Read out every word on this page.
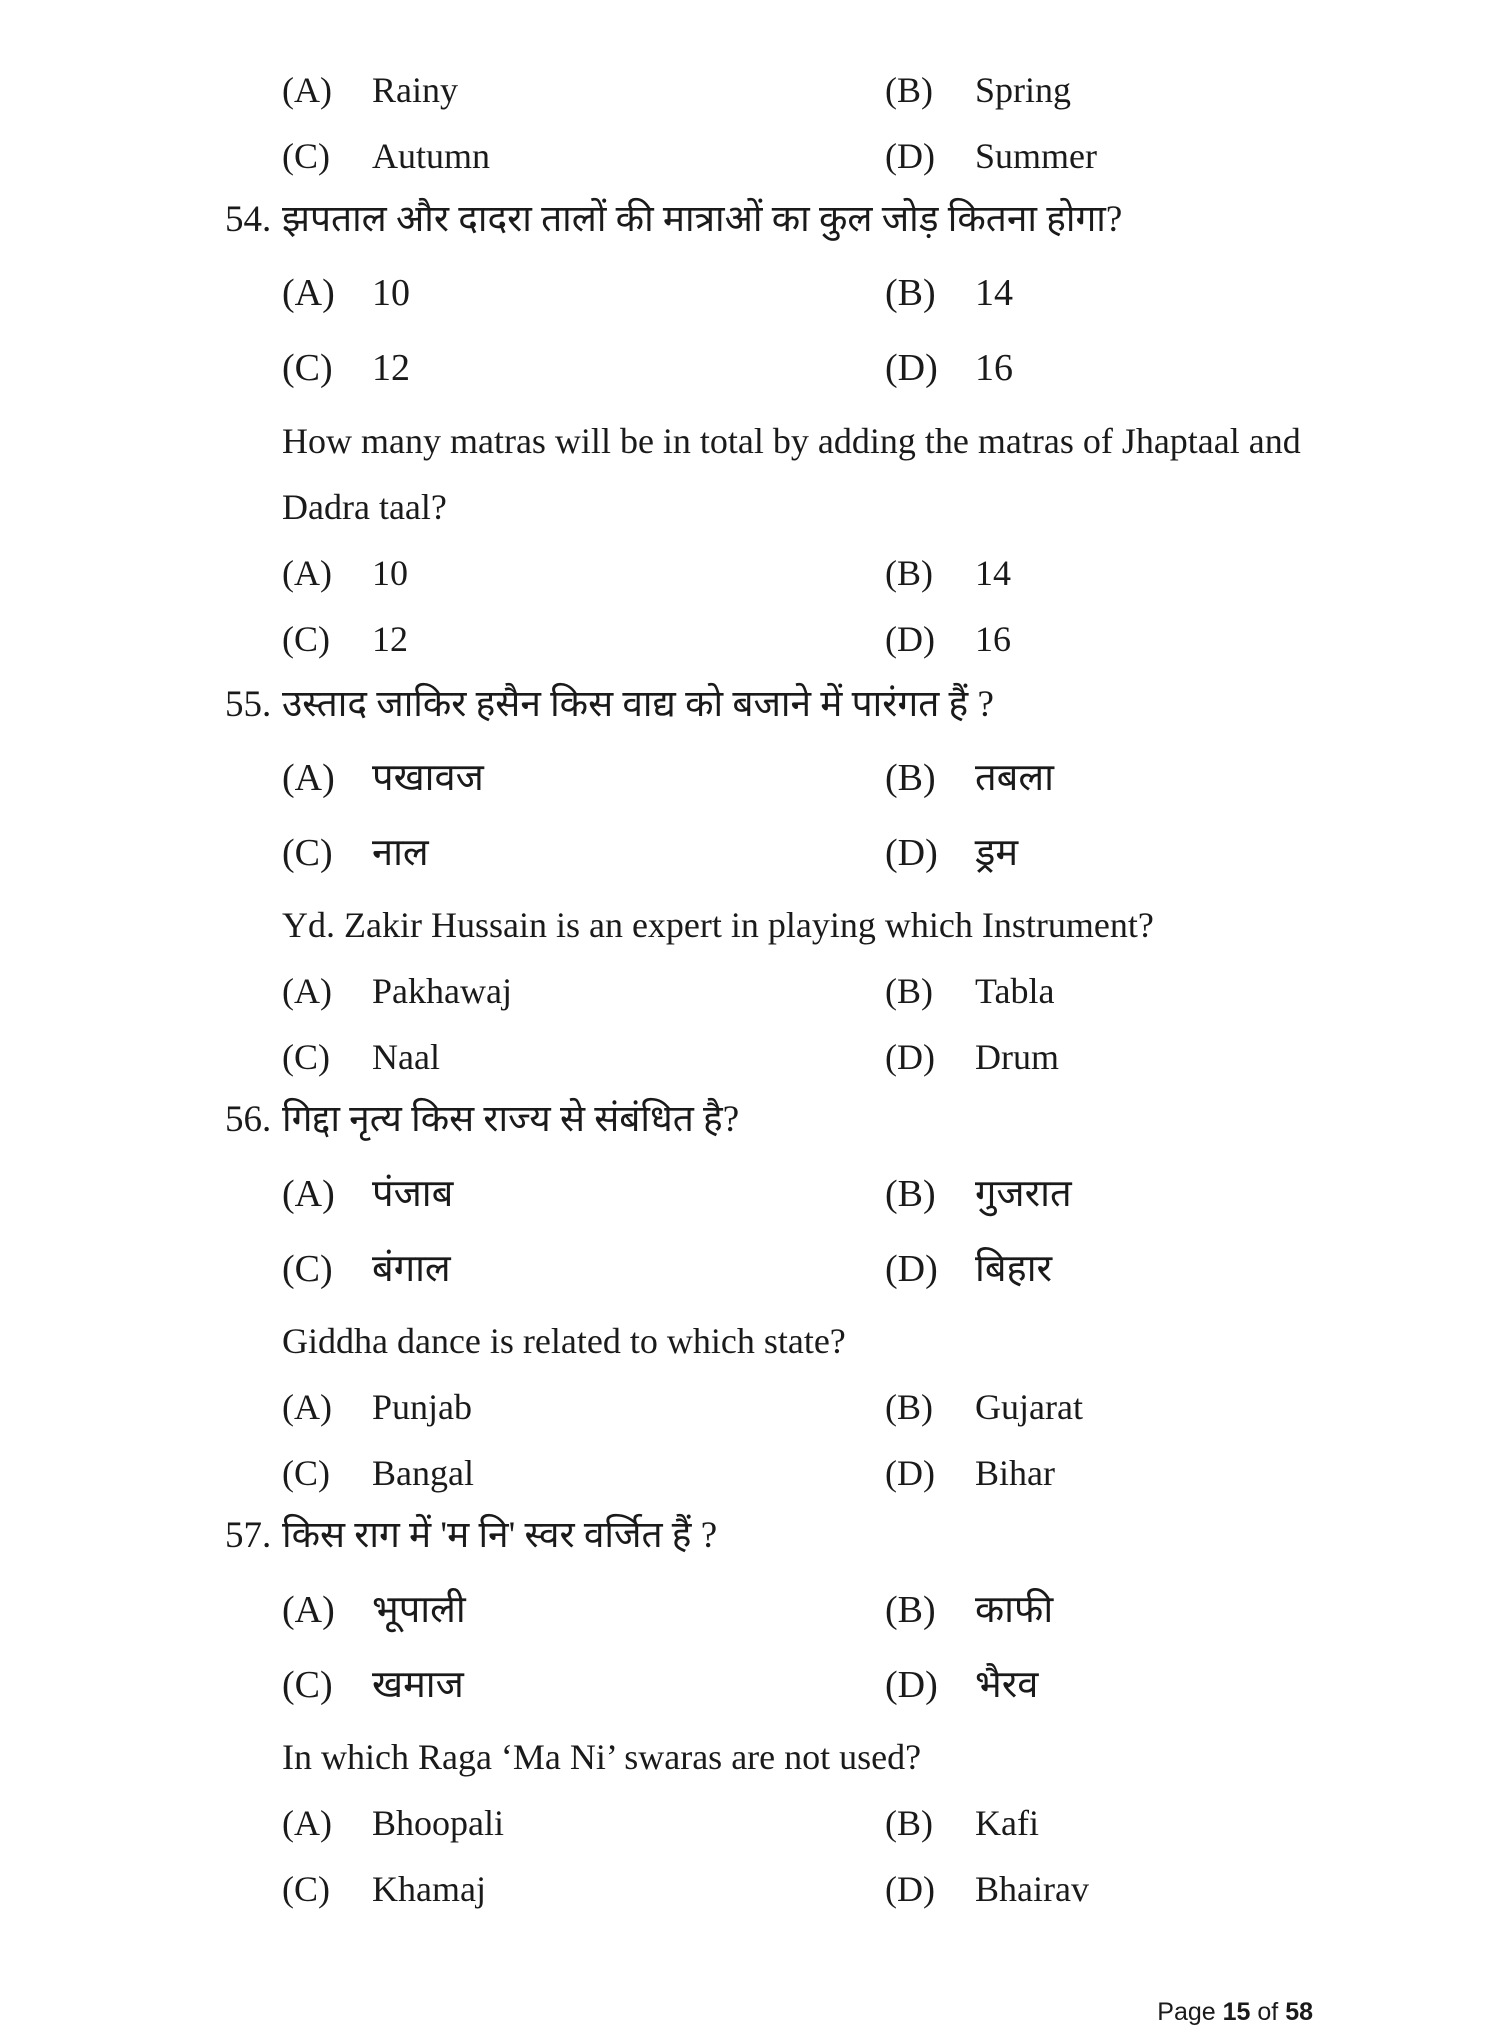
(A) Rainy	(B) Spring
(C) Autumn	(D) Summer
54. झपताल और दादरा तालों की मात्राओं का कुल जोड़ कितना होगा?
(A) 10	(B) 14
(C) 12	(D) 16
How many matras will be in total by adding the matras of Jhaptaal and
Dadra taal?
(A) 10	(B) 14
(C) 12	(D) 16
55. उस्ताद जाकिर हसैन किस वाद्य को बजाने में पारंगत हैं ?
(A) पखावज	(B) तबला
(C) नाल	(D) ड्रम
Yd. Zakir Hussain is an expert in playing which Instrument?
(A) Pakhawaj	(B) Tabla
(C) Naal	(D) Drum
56. गिद्दा नृत्य किस राज्य से संबंधित है?
(A) पंजाब	(B) गुजरात
(C) बंगाल	(D) बिहार
Giddha dance is related to which state?
(A) Punjab	(B) Gujarat
(C) Bangal	(D) Bihar
57. किस राग में 'म नि' स्वर वर्जित हैं ?
(A) भूपाली	(B) काफी
(C) खमाज	(D) भैरव
In which Raga ‘Ma Ni’ swaras are not used?
(A) Bhoopali	(B) Kafi
(C) Khamaj	(D) Bhairav
Page 15 of 58
